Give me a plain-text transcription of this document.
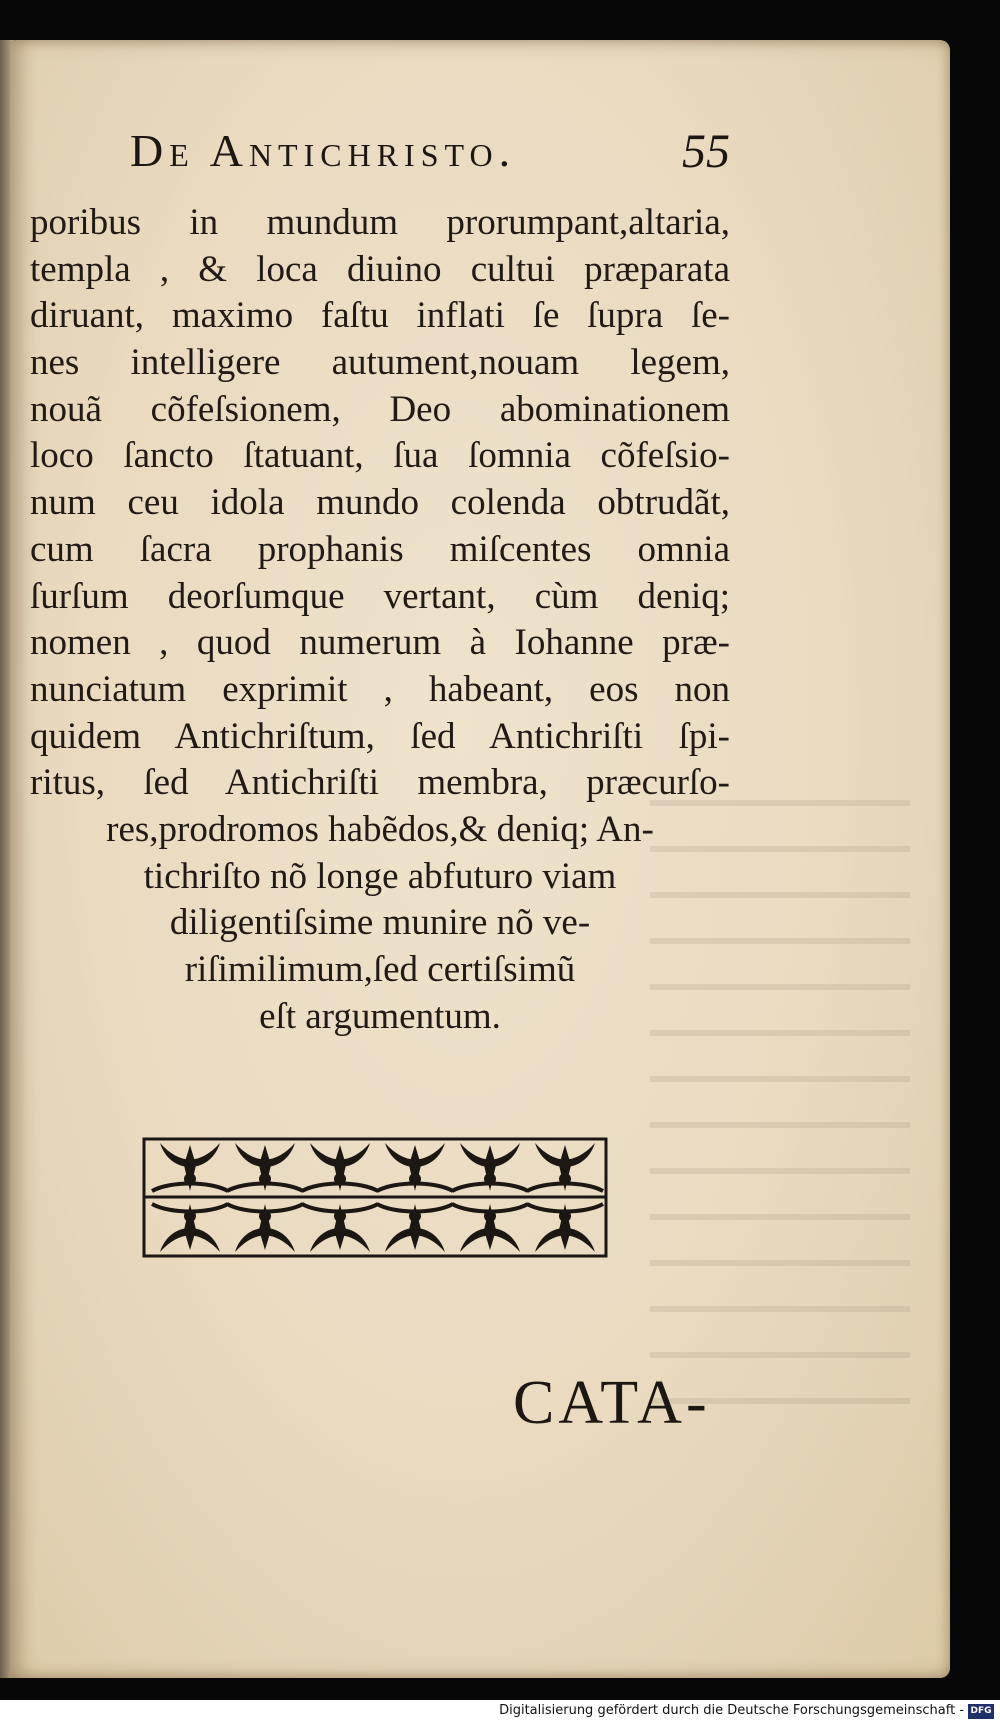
De Antichristo.	55
poribus in mundum prorumpant,altaria,
templa , & loca diuino cultui præparata
diruant, maximo faſtu inflati ſe ſupra ſe-
nes intelligere autument,nouam legem,
nouã cõfeſsionem, Deo abominationem
loco ſancto ſtatuant, ſua ſomnia cõfeſsio-
num ceu idola mundo colenda obtrudãt,
cum ſacra prophanis miſcentes omnia
ſurſum deorſumque vertant, cùm deniq;
nomen , quod numerum à Iohanne præ-
nunciatum exprimit , habeant, eos non
quidem Antichriſtum, ſed Antichriſti ſpi-
ritus, ſed Antichriſti membra, præcurſo-
res,prodromos habẽdos,& deniq; An-
tichriſto nõ longe abfuturo viam
diligentiſsime munire nõ ve-
riſimilimum,ſed certiſsimũ
eſt argumentum.
CATA-
Digitalisierung gefördert durch die Deutsche Forschungsgemeinschaft - DFG
